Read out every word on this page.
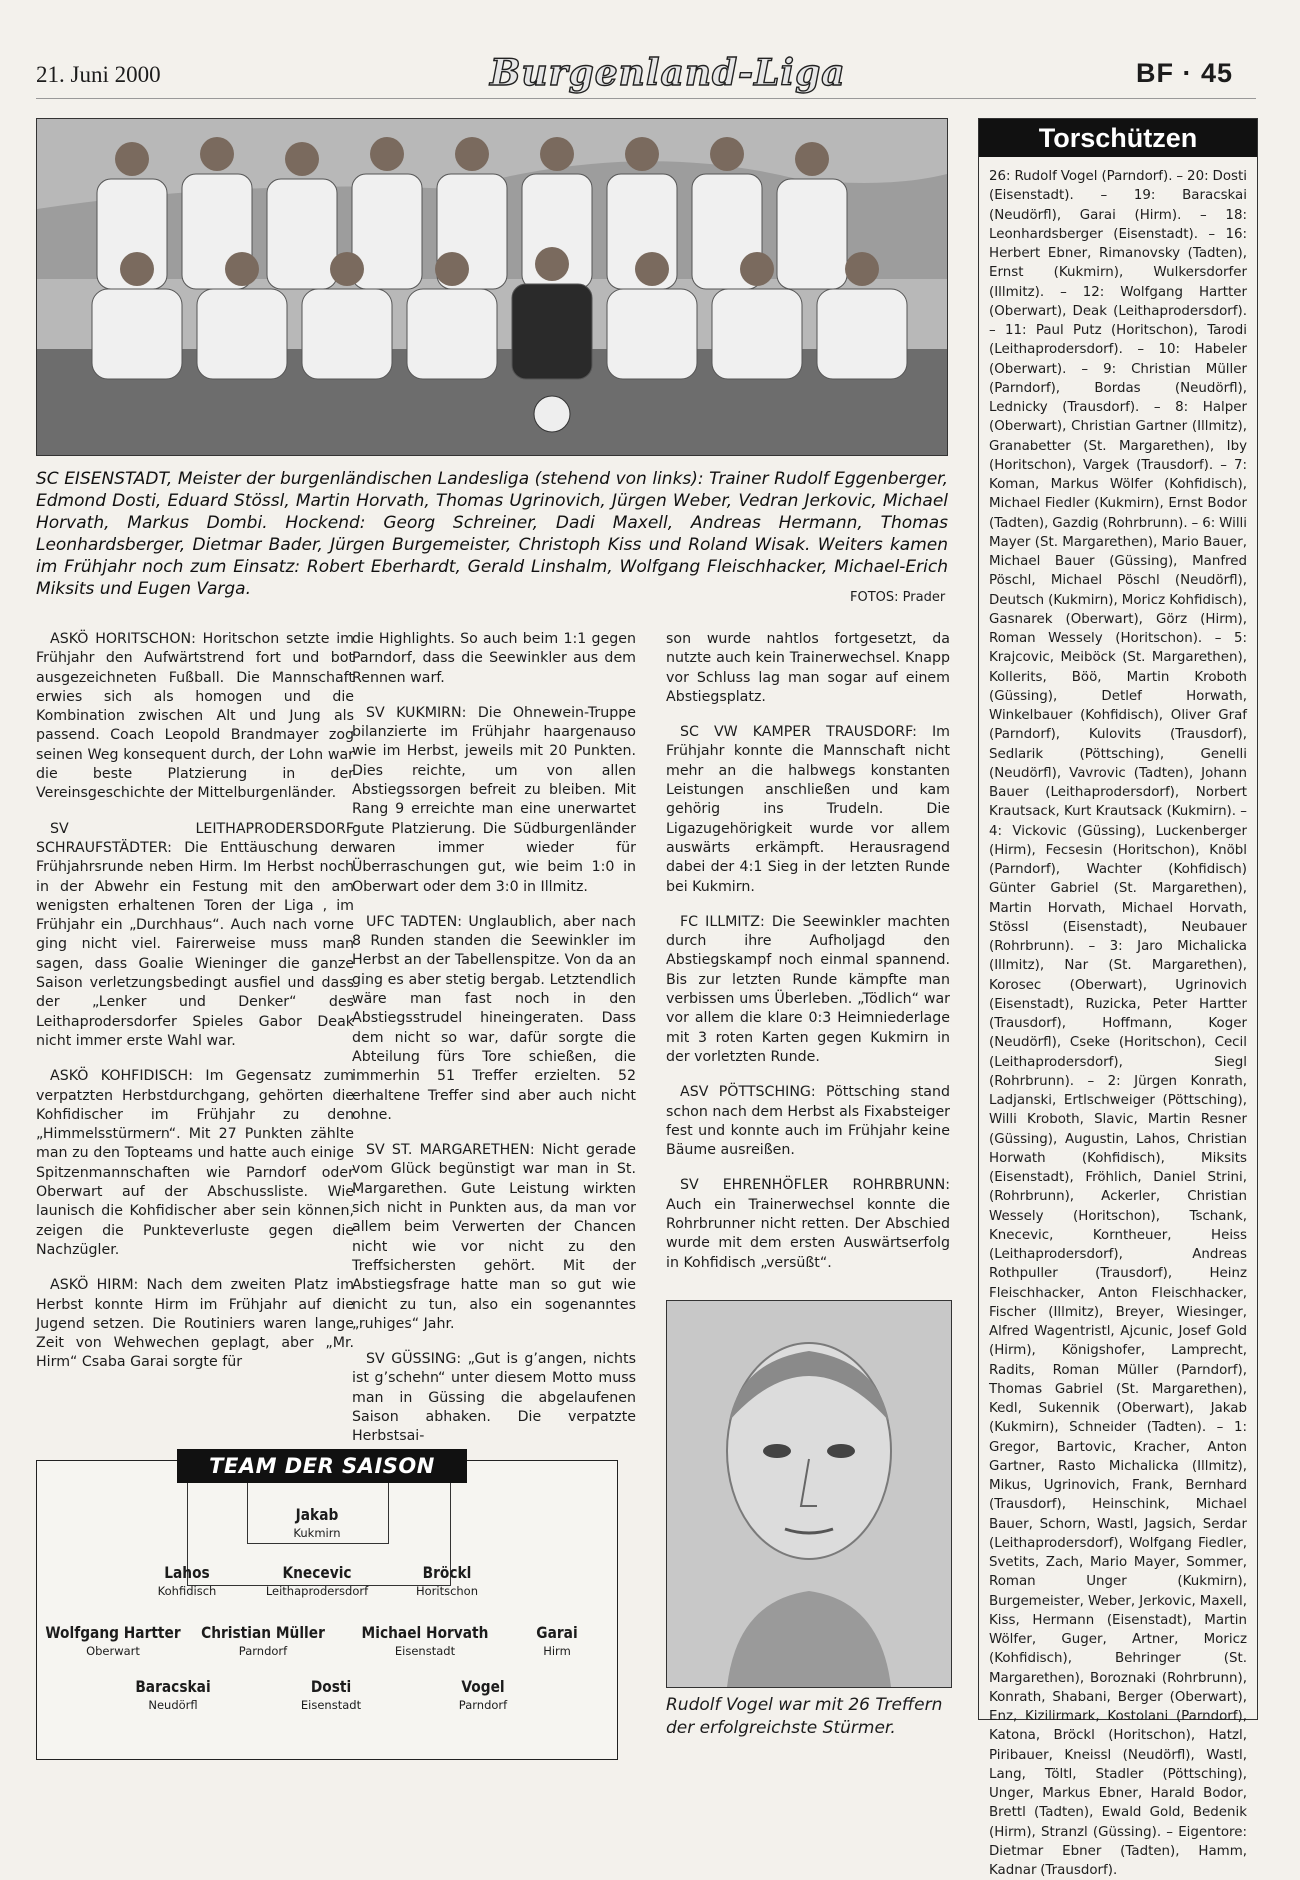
21. Juni 2000	Burgenland-Liga	BF · 45
SC EISENSTADT, Meister der burgenländischen Landesliga (stehend von links): Trainer Rudolf Eggenberger, Edmond Dosti, Eduard Stössl, Martin Horvath, Thomas Ugrinovich, Jürgen Weber, Vedran Jerkovic, Michael Horvath, Markus Dombi. Hockend: Georg Schreiner, Dadi Maxell, Andreas Hermann, Thomas Leonhardsberger, Dietmar Bader, Jürgen Burgemeister, Christoph Kiss und Roland Wisak. Weiters kamen im Frühjahr noch zum Einsatz: Robert Eberhardt, Gerald Linshalm, Wolfgang Fleischhacker, Michael-Erich Miksits und Eugen Varga.	FOTOS: Prader

ASKÖ HORITSCHON: Horitschon setzte im Frühjahr den Aufwärtstrend fort und bot ausgezeichneten Fußball. Die Mannschaft erwies sich als homogen und die Kombination zwischen Alt und Jung als passend. Coach Leopold Brandmayer zog seinen Weg konsequent durch, der Lohn war die beste Platzierung in der Vereinsgeschichte der Mittelburgenländer.

SV LEITHAPRODERSDORF SCHRAUFSTÄDTER: Die Enttäuschung der Frühjahrsrunde neben Hirm. Im Herbst noch in der Abwehr ein Festung mit den am wenigsten erhaltenen Toren der Liga , im Frühjahr ein „Durchhaus“. Auch nach vorne ging nicht viel. Fairerweise muss man sagen, dass Goalie Wieninger die ganze Saison verletzungsbedingt ausfiel und dass der „Lenker und Denker“ des Leithaprodersdorfer Spieles Gabor Deak nicht immer erste Wahl war.

ASKÖ KOHFIDISCH: Im Gegensatz zum verpatzten Herbstdurchgang, gehörten die Kohfidischer im Frühjahr zu den „Himmelsstürmern“. Mit 27 Punkten zählte man zu den Topteams und hatte auch einige Spitzenmannschaften wie Parndorf oder Oberwart auf der Abschussliste. Wie launisch die Kohfidischer aber sein können, zeigen die Punkteverluste gegen die Nachzügler.

ASKÖ HIRM: Nach dem zweiten Platz im Herbst konnte Hirm im Frühjahr auf die Jugend setzen. Die Routiniers waren lange Zeit von Wehwechen geplagt, aber „Mr. Hirm“ Csaba Garai sorgte für

die Highlights. So auch beim 1:1 gegen Parndorf, dass die Seewinkler aus dem Rennen warf.

SV KUKMIRN: Die Ohnewein-Truppe bilanzierte im Frühjahr haargenauso wie im Herbst, jeweils mit 20 Punkten. Dies reichte, um von allen Abstiegssorgen befreit zu bleiben. Mit Rang 9 erreichte man eine unerwartet gute Platzierung. Die Südburgenländer waren immer wieder für Überraschungen gut, wie beim 1:0 in Oberwart oder dem 3:0 in Illmitz.

UFC TADTEN: Unglaublich, aber nach 8 Runden standen die Seewinkler im Herbst an der Tabellenspitze. Von da an ging es aber stetig bergab. Letztendlich wäre man fast noch in den Abstiegsstrudel hineingeraten. Dass dem nicht so war, dafür sorgte die Abteilung fürs Tore schießen, die immerhin 51 Treffer erzielten. 52 erhaltene Treffer sind aber auch nicht ohne.

SV ST. MARGARETHEN: Nicht gerade vom Glück begünstigt war man in St. Margarethen. Gute Leistung wirkten sich nicht in Punkten aus, da man vor allem beim Verwerten der Chancen nicht wie vor nicht zu den Treffsichersten gehört. Mit der Abstiegsfrage hatte man so gut wie nicht zu tun, also ein sogenanntes „ruhiges“ Jahr.

SV GÜSSING: „Gut is g’angen, nichts ist g’schehn“ unter diesem Motto muss man in Güssing die abgelaufenen Saison abhaken. Die verpatzte Herbstsai-

son wurde nahtlos fortgesetzt, da nutzte auch kein Trainerwechsel. Knapp vor Schluss lag man sogar auf einem Abstiegsplatz.

SC VW KAMPER TRAUSDORF: Im Frühjahr konnte die Mannschaft nicht mehr an die halbwegs konstanten Leistungen anschließen und kam gehörig ins Trudeln. Die Ligazugehörigkeit wurde vor allem auswärts erkämpft. Herausragend dabei der 4:1 Sieg in der letzten Runde bei Kukmirn.

FC ILLMITZ: Die Seewinkler machten durch ihre Aufholjagd den Abstiegskampf noch einmal spannend. Bis zur letzten Runde kämpfte man verbissen ums Überleben. „Tödlich“ war vor allem die klare 0:3 Heimniederlage mit 3 roten Karten gegen Kukmirn in der vorletzten Runde.

ASV PÖTTSCHING: Pöttsching stand schon nach dem Herbst als Fixabsteiger fest und konnte auch im Frühjahr keine Bäume ausreißen.

SV EHRENHÖFLER ROHRBRUNN: Auch ein Trainerwechsel konnte die Rohrbrunner nicht retten. Der Abschied wurde mit dem ersten Auswärtserfolg in Kohfidisch „versüßt“.

TEAM DER SAISON
Jakab
Kukmirn
Lahos
Kohfidisch
Knecevic
Leithaprodersdorf
Bröckl
Horitschon
Wolfgang Hartter
Oberwart
Christian Müller
Parndorf
Michael Horvath
Eisenstadt
Garai
Hirm
Baracskai
Neudörfl
Dosti
Eisenstadt
Vogel
Parndorf	Rudolf Vogel war mit 26 Treffern der erfolgreichste Stürmer.
Torschützen
26: Rudolf Vogel (Parndorf). – 20: Dosti (Eisenstadt). – 19: Baracskai (Neudörfl), Garai (Hirm). – 18: Leonhardsberger (Eisenstadt). – 16: Herbert Ebner, Rimanovsky (Tadten), Ernst (Kukmirn), Wulkersdorfer (Illmitz). – 12: Wolfgang Hartter (Oberwart), Deak (Leithaprodersdorf). – 11: Paul Putz (Horitschon), Tarodi (Leithaprodersdorf). – 10: Habeler (Oberwart). – 9: Christian Müller (Parndorf), Bordas (Neudörfl), Lednicky (Trausdorf). – 8: Halper (Oberwart), Christian Gartner (Illmitz), Granabetter (St. Margarethen), Iby (Horitschon), Vargek (Trausdorf). – 7: Koman, Markus Wölfer (Kohfidisch), Michael Fiedler (Kukmirn), Ernst Bodor (Tadten), Gazdig (Rohrbrunn). – 6: Willi Mayer (St. Margarethen), Mario Bauer, Michael Bauer (Güssing), Manfred Pöschl, Michael Pöschl (Neudörfl), Deutsch (Kukmirn), Moricz Kohfidisch), Gasnarek (Oberwart), Görz (Hirm), Roman Wessely (Horitschon). – 5: Krajcovic, Meiböck (St. Margarethen), Kollerits, Böö, Martin Kroboth (Güssing), Detlef Horwath, Winkelbauer (Kohfidisch), Oliver Graf (Parndorf), Kulovits (Trausdorf), Sedlarik (Pöttsching), Genelli (Neudörfl), Vavrovic (Tadten), Johann Bauer (Leithaprodersdorf), Norbert Krautsack, Kurt Krautsack (Kukmirn). – 4: Vickovic (Güssing), Luckenberger (Hirm), Fecsesin (Horitschon), Knöbl (Parndorf), Wachter (Kohfidisch) Günter Gabriel (St. Margarethen), Martin Horvath, Michael Horvath, Stössl (Eisenstadt), Neubauer (Rohrbrunn). – 3: Jaro Michalicka (Illmitz), Nar (St. Margarethen), Korosec (Oberwart), Ugrinovich (Eisenstadt), Ruzicka, Peter Hartter (Trausdorf), Hoffmann, Koger (Neudörfl), Cseke (Horitschon), Cecil (Leithaprodersdorf), Siegl (Rohrbrunn). – 2: Jürgen Konrath, Ladjanski, Ertlschweiger (Pöttsching), Willi Kroboth, Slavic, Martin Resner (Güssing), Augustin, Lahos, Christian Horwath (Kohfidisch), Miksits (Eisenstadt), Fröhlich, Daniel Strini, (Rohrbrunn), Ackerler, Christian Wessely (Horitschon), Tschank, Knecevic, Korntheuer, Heiss (Leithaprodersdorf), Andreas Rothpuller (Trausdorf), Heinz Fleischhacker, Anton Fleischhacker, Fischer (Illmitz), Breyer, Wiesinger, Alfred Wagentristl, Ajcunic, Josef Gold (Hirm), Königshofer, Lamprecht, Radits, Roman Müller (Parndorf), Thomas Gabriel (St. Margarethen), Kedl, Sukennik (Oberwart), Jakab (Kukmirn), Schneider (Tadten). – 1: Gregor, Bartovic, Kracher, Anton Gartner, Rasto Michalicka (Illmitz), Mikus, Ugrinovich, Frank, Bernhard (Trausdorf), Heinschink, Michael Bauer, Schorn, Wastl, Jagsich, Serdar (Leithaprodersdorf), Wolfgang Fiedler, Svetits, Zach, Mario Mayer, Sommer, Roman Unger (Kukmirn), Burgemeister, Weber, Jerkovic, Maxell, Kiss, Hermann (Eisenstadt), Martin Wölfer, Guger, Artner, Moricz (Kohfidisch), Behringer (St. Margarethen), Boroznaki (Rohrbrunn), Konrath, Shabani, Berger (Oberwart), Enz, Kizilirmark, Kostolani (Parndorf), Katona, Bröckl (Horitschon), Hatzl, Piribauer, Kneissl (Neudörfl), Wastl, Lang, Töltl, Stadler (Pöttsching), Unger, Markus Ebner, Harald Bodor, Brettl (Tadten), Ewald Gold, Bedenik (Hirm), Stranzl (Güssing). – Eigentore: Dietmar Ebner (Tadten), Hamm, Kadnar (Trausdorf).
